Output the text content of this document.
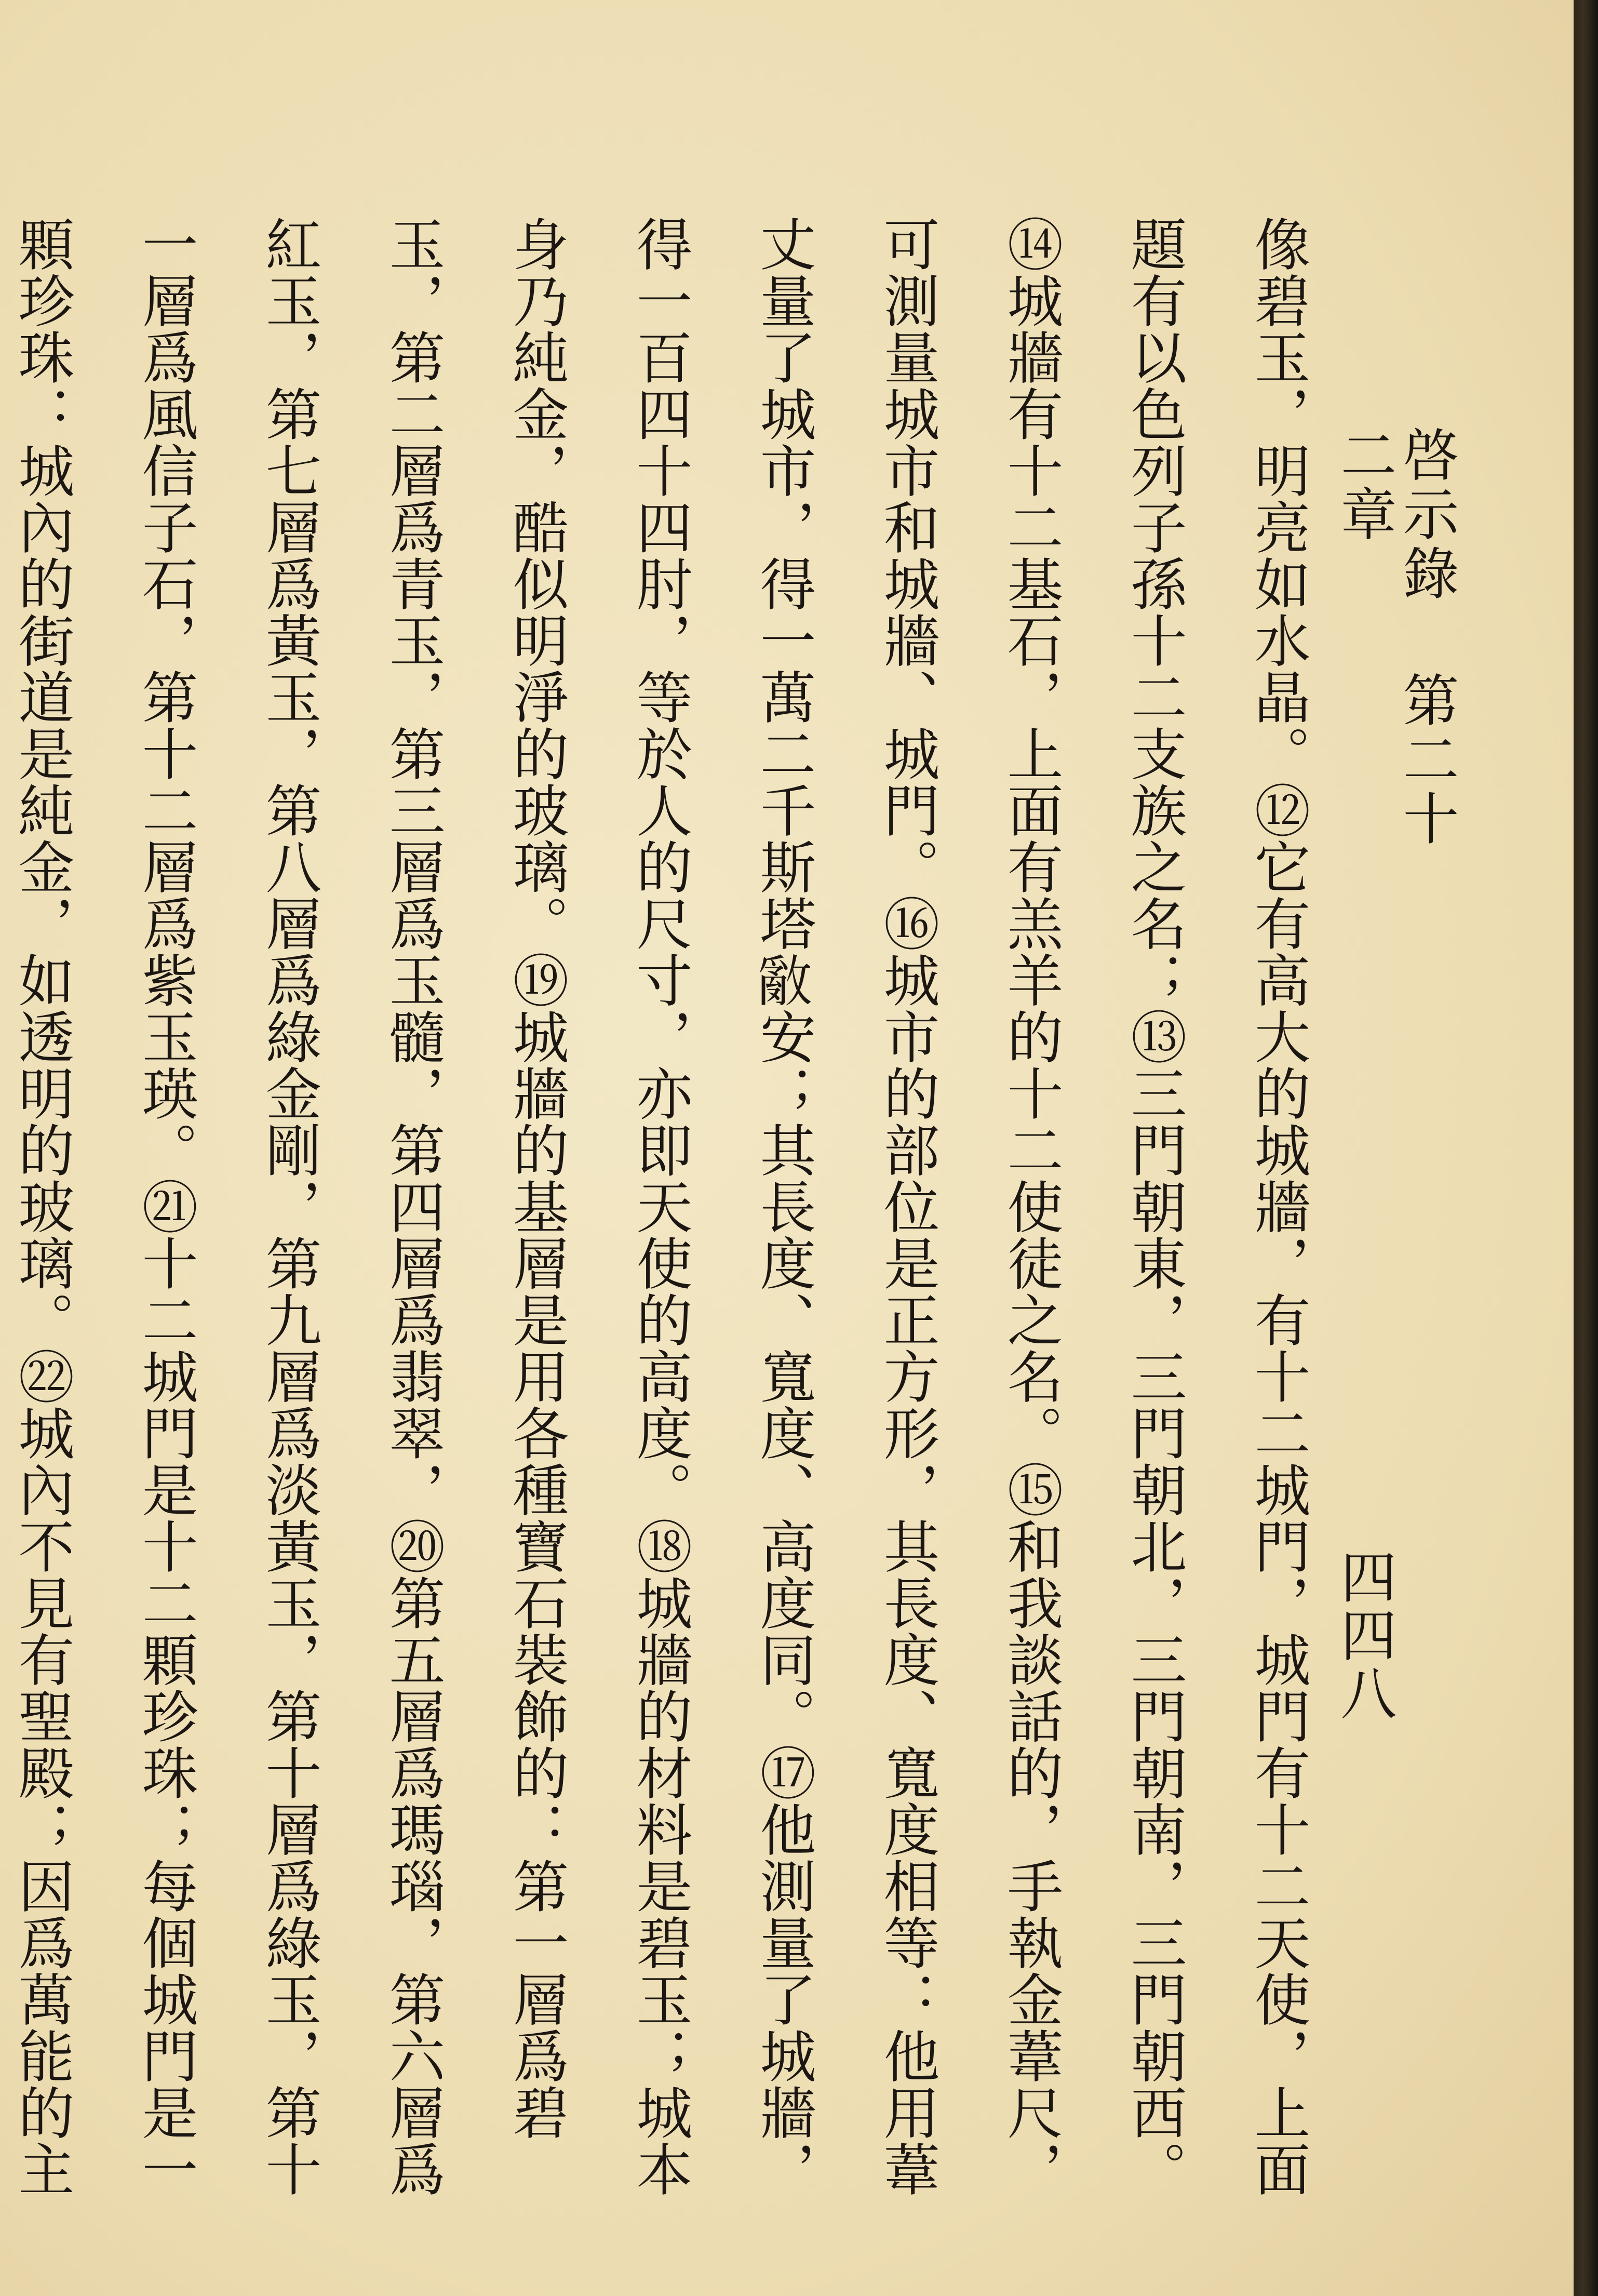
啓示錄第二十二章
四四八
像碧玉，明亮如水晶。⑫它有高大的城牆，有十二城門，城門有十二天使，上面題有以色列子孫十二支族之名；⑬三門朝東，三門朝北，三門朝南，三門朝西。⑭城牆有十二基石，上面有羔羊的十二使徒之名。⑮和我談話的，手執金葦尺，可測量城市和城牆、城門。⑯城市的部位是正方形，其長度、寬度相等：他用葦丈量了城市，得一萬二千斯塔𢿳安；其長度、寬度、高度同。⑰他測量了城牆，得一百四十四肘，等於人的尺寸，亦即天使的高度。⑱城牆的材料是碧玉；城本身乃純金，酷似明淨的玻璃。⑲城牆的基層是用各種寶石裝飾的：第一層爲碧玉，第二層爲青玉，第三層爲玉髓，第四層爲翡翠，⑳第五層爲瑪瑙，第六層爲紅玉，第七層爲黃玉，第八層爲綠金剛，第九層爲淡黃玉，第十層爲綠玉，第十一層爲風信子石，第十二層爲紫玉瑛。㉑十二城門是十二顆珍珠；每個城門是一顆珍珠：城內的街道是純金，如透明的玻璃。㉒城內不見有聖殿；因爲萬能的主　　
